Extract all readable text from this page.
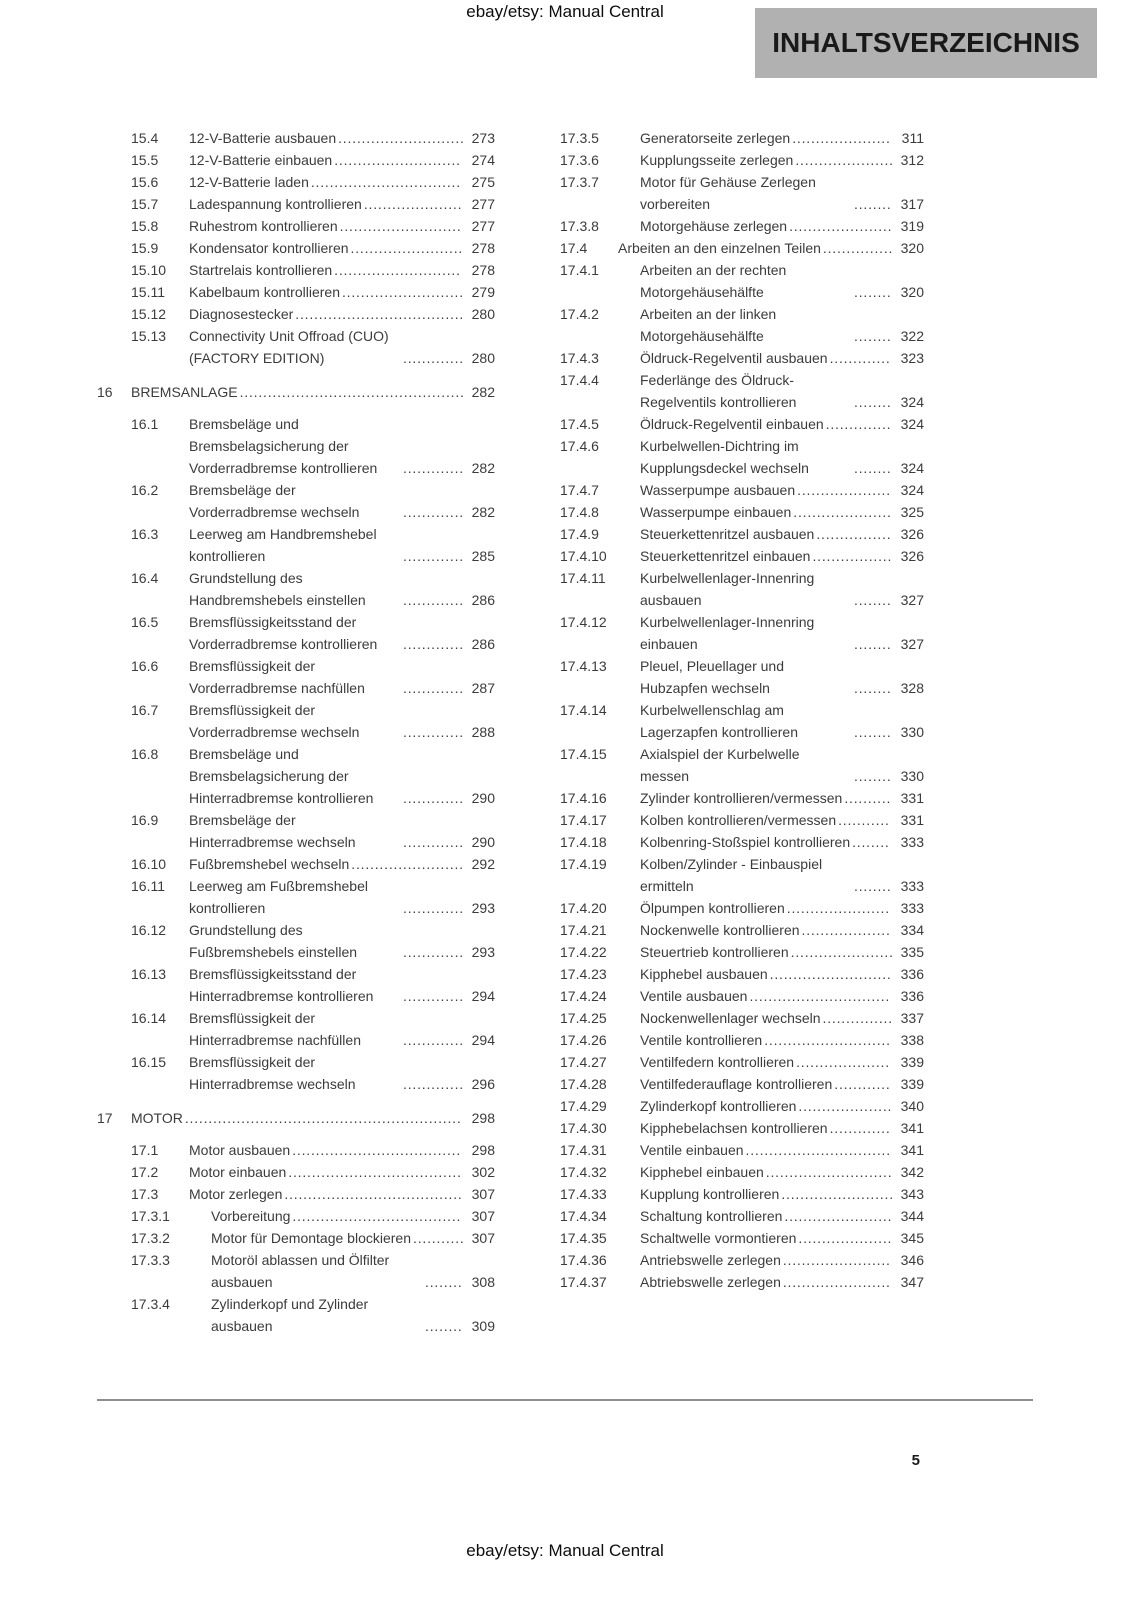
ebay/etsy: Manual Central
INHALTSVERZEICHNIS
15.4	12-V-Batterie ausbauen ........................... 273
15.5	12-V-Batterie einbauen ........................... 274
15.6	12-V-Batterie laden ................................ 275
15.7	Ladespannung kontrollieren ..................... 277
15.8	Ruhestrom kontrollieren .......................... 277
15.9	Kondensator kontrollieren ........................ 278
15.10	Startrelais kontrollieren ........................... 278
15.11	Kabelbaum kontrollieren .......................... 279
15.12	Diagnosestecker .................................... 280
15.13	Connectivity Unit Offroad (CUO) (FACTORY EDITION)	............. 280
16	BREMSANLAGE ................................................ 282
16.1	Bremsbeläge und Bremsbelagsicherung der Vorderradbremse kontrollieren ............. 282
16.2	Bremsbeläge der Vorderradbremse wechseln	............. 282
16.3	Leerweg am Handbremshebel kontrollieren	............. 285
16.4	Grundstellung des Handbremshebels einstellen	............. 286
16.5	Bremsflüssigkeitsstand der Vorderradbremse kontrollieren ............. 286
16.6	Bremsflüssigkeit der Vorderradbremse nachfüllen	............. 287
16.7	Bremsflüssigkeit der Vorderradbremse wechseln	............. 288
16.8	Bremsbeläge und Bremsbelagsicherung der Hinterradbremse kontrollieren ............. 290
16.9	Bremsbeläge der Hinterradbremse wechseln	............. 290
16.10	Fußbremshebel wechseln ........................ 292
16.11	Leerweg am Fußbremshebel kontrollieren	............. 293
16.12	Grundstellung des Fußbremshebels einstellen	............. 293
16.13	Bremsflüssigkeitsstand der Hinterradbremse kontrollieren ............. 294
16.14	Bremsflüssigkeit der Hinterradbremse nachfüllen	............. 294
16.15	Bremsflüssigkeit der Hinterradbremse wechseln	............. 296
17	MOTOR ........................................................... 298
17.1	Motor ausbauen .................................... 298
17.2	Motor einbauen ..................................... 302
17.3	Motor zerlegen ...................................... 307
17.3.1	Vorbereitung .................................... 307
17.3.2	Motor für Demontage blockieren ........... 307
17.3.3	Motoröl ablassen und Ölfilter ausbauen	........ 308
17.3.4	Zylinderkopf und Zylinder ausbauen	........ 309
17.3.5	Generatorseite zerlegen ..................... 311
17.3.6	Kupplungsseite zerlegen ..................... 312
17.3.7	Motor für Gehäuse Zerlegen vorbereiten	........ 317
17.3.8	Motorgehäuse zerlegen ...................... 319
17.4	Arbeiten an den einzelnen Teilen ............... 320
17.4.1	Arbeiten an der rechten Motorgehäusehälfte	........ 320
17.4.2	Arbeiten an der linken Motorgehäusehälfte	........ 322
17.4.3	Öldruck-Regelventil ausbauen ............. 323
17.4.4	Federlänge des Öldruck-Regelventils kontrollieren	........ 324
17.4.5	Öldruck-Regelventil einbauen .............. 324
17.4.6	Kurbelwellen-Dichtring im Kupplungsdeckel wechseln	........ 324
17.4.7	Wasserpumpe ausbauen .................... 324
17.4.8	Wasserpumpe einbauen ..................... 325
17.4.9	Steuerkettenritzel ausbauen ................ 326
17.4.10	Steuerkettenritzel einbauen ................. 326
17.4.11	Kurbelwellenlager-Innenring ausbauen	........ 327
17.4.12	Kurbelwellenlager-Innenring einbauen	........ 327
17.4.13	Pleuel, Pleuellager und Hubzapfen wechseln	........ 328
17.4.14	Kurbelwellenschlag am Lagerzapfen kontrollieren	........ 330
17.4.15	Axialspiel der Kurbelwelle messen	........ 330
17.4.16	Zylinder kontrollieren/vermessen .......... 331
17.4.17	Kolben kontrollieren/vermessen ........... 331
17.4.18	Kolbenring-Stoßspiel kontrollieren ........ 333
17.4.19	Kolben/Zylinder - Einbauspiel ermitteln	........ 333
17.4.20	Ölpumpen kontrollieren ...................... 333
17.4.21	Nockenwelle kontrollieren ................... 334
17.4.22	Steuertrieb kontrollieren ...................... 335
17.4.23	Kipphebel ausbauen .......................... 336
17.4.24	Ventile ausbauen .............................. 336
17.4.25	Nockenwellenlager wechseln ............... 337
17.4.26	Ventile kontrollieren ........................... 338
17.4.27	Ventilfedern kontrollieren .................... 339
17.4.28	Ventilfederauflage kontrollieren ............ 339
17.4.29	Zylinderkopf kontrollieren .................... 340
17.4.30	Kipphebelachsen kontrollieren ............. 341
17.4.31	Ventile einbauen ............................... 341
17.4.32	Kipphebel einbauen ........................... 342
17.4.33	Kupplung kontrollieren ........................ 343
17.4.34	Schaltung kontrollieren ....................... 344
17.4.35	Schaltwelle vormontieren .................... 345
17.4.36	Antriebswelle zerlegen ....................... 346
17.4.37	Abtriebswelle zerlegen ....................... 347
5
ebay/etsy: Manual Central
